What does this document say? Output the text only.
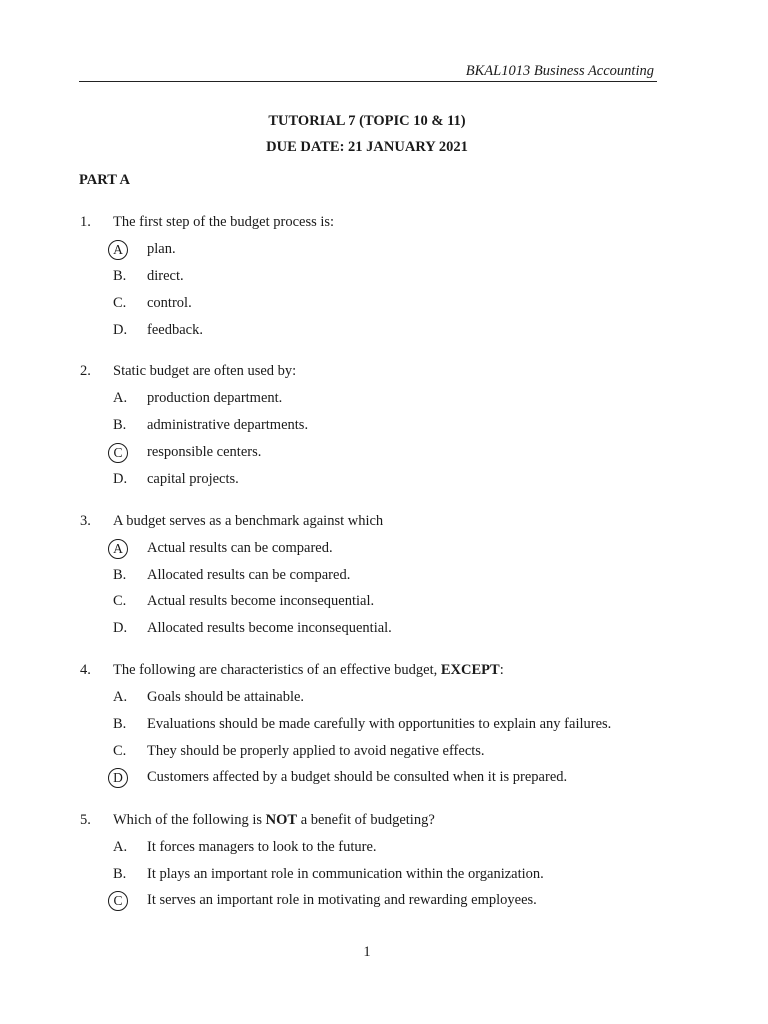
BKAL1013 Business Accounting
TUTORIAL 7 (TOPIC 10 & 11)
DUE DATE: 21 JANUARY 2021
PART A
1. The first step of the budget process is:
A	plan.
B. direct.
C. control.
D. feedback.
2. Static budget are often used by:
A. production department.
B. administrative departments.
C	responsible centers.
D. capital projects.
3. A budget serves as a benchmark against which
A	Actual results can be compared.
B. Allocated results can be compared.
C. Actual results become inconsequential.
D. Allocated results become inconsequential.
4. The following are characteristics of an effective budget, EXCEPT:
A. Goals should be attainable.
B. Evaluations should be made carefully with opportunities to explain any failures.
C. They should be properly applied to avoid negative effects.
D	Customers affected by a budget should be consulted when it is prepared.
5. Which of the following is NOT a benefit of budgeting?
A. It forces managers to look to the future.
B. It plays an important role in communication within the organization.
C	It serves an important role in motivating and rewarding employees.
1
